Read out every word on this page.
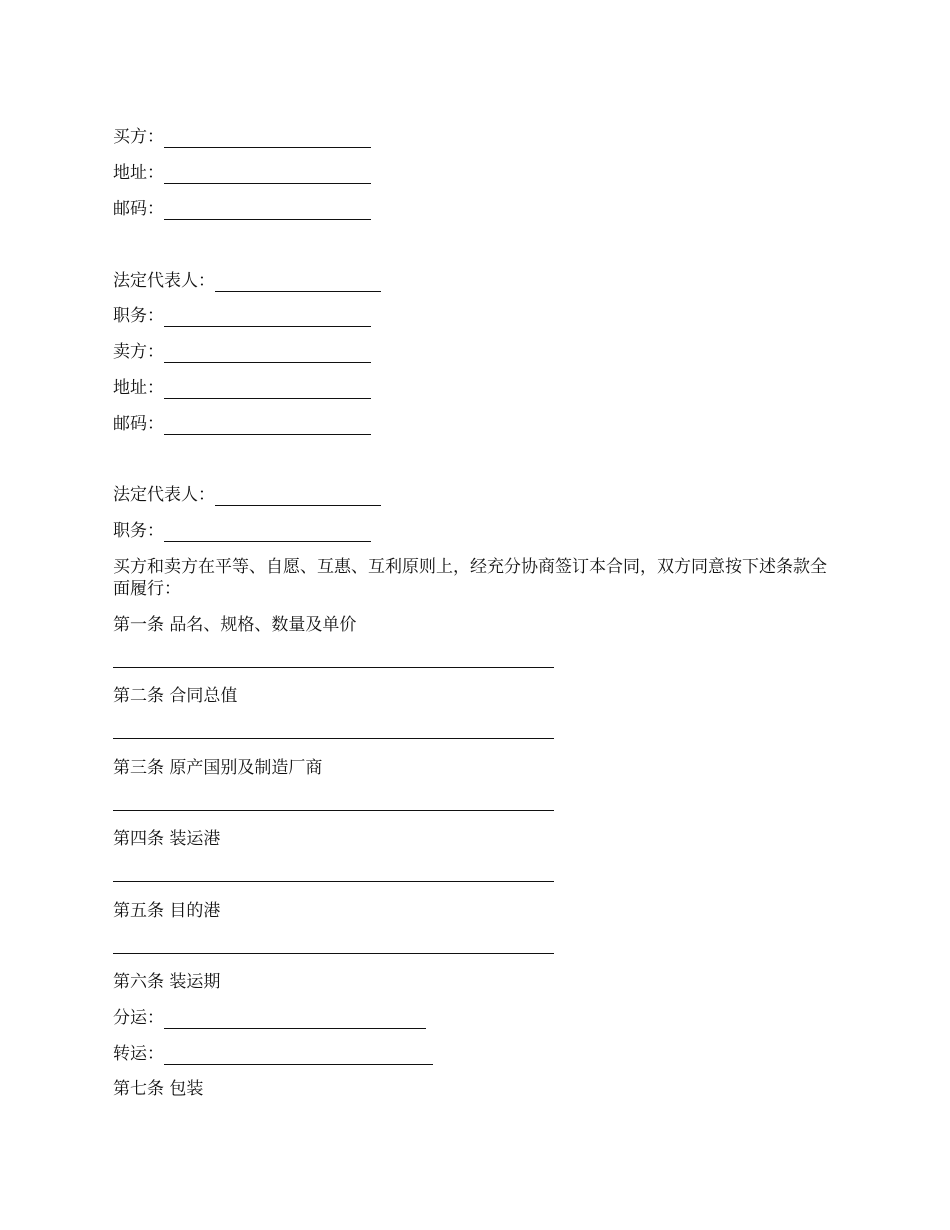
买方：
地址：
邮码：
法定代表人：
职务：
卖方：
地址：
邮码：
法定代表人：
职务：
买方和卖方在平等、自愿、互惠、互利原则上，经充分协商签订本合同，双方同意按下述条款全面履行：
第一条 品名、规格、数量及单价
第二条 合同总值
第三条 原产国别及制造厂商
第四条 装运港
第五条 目的港
第六条 装运期
分运：
转运：
第七条 包装
